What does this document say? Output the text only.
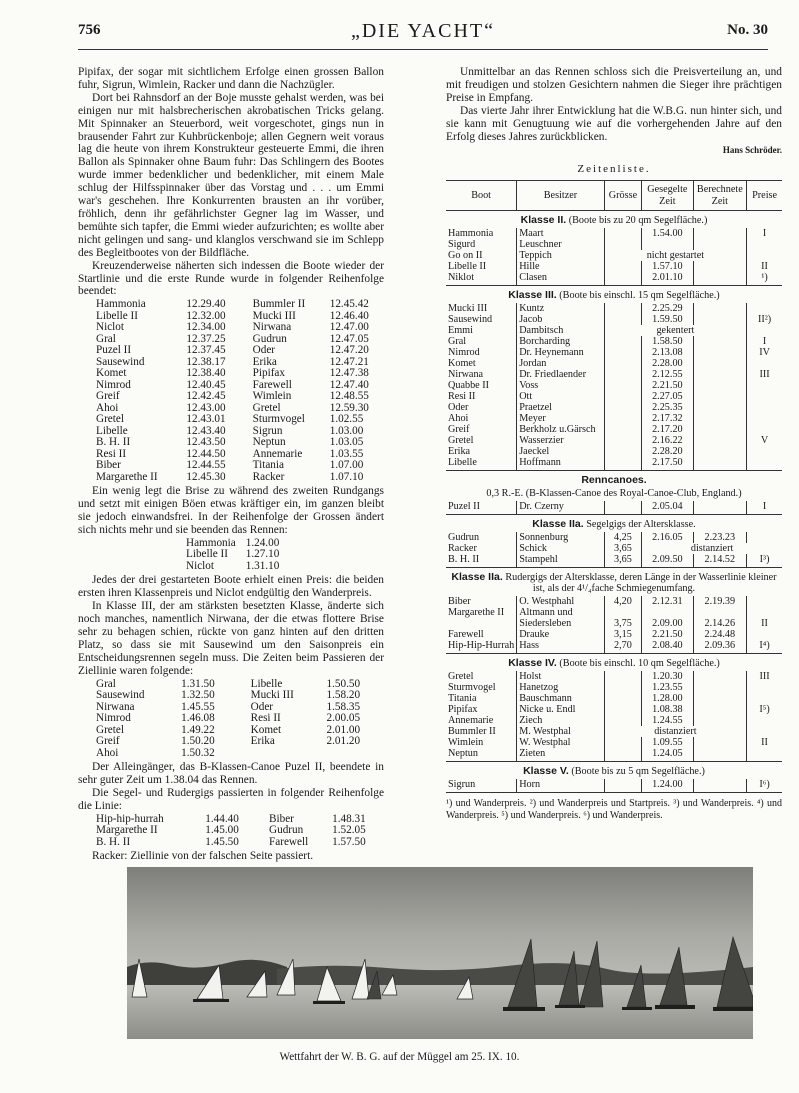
756	„DIE YACHT“	No. 30

Pipifax, der sogar mit sichtlichem Erfolge einen grossen Ballon fuhr, Sigrun, Wimlein, Racker und dann die Nachzügler.

Dort bei Rahnsdorf an der Boje musste gehalst werden, was bei einigen nur mit halsbrecherischen akrobatischen Tricks gelang. Mit Spinnaker an Steuerbord, weit vorgeschotet, gings nun in brausender Fahrt zur Kuhbrückenboje; allen Gegnern weit voraus lag die heute von ihrem Konstrukteur gesteuerte Emmi, die ihren Ballon als Spinnaker ohne Baum fuhr: Das Schlingern des Bootes wurde immer bedenklicher und bedenklicher, mit einem Male schlug der Hilfsspinnaker über das Vorstag und . . . um Emmi war's geschehen. Ihre Konkurrenten brausten an ihr vorüber, fröhlich, denn ihr gefährlichster Gegner lag im Wasser, und bemühte sich tapfer, die Emmi wieder aufzurichten; es wollte aber nicht gelingen und sang- und klanglos verschwand sie im Schlepp des Begleitbootes von der Bildfläche.

Kreuzenderweise näherten sich indessen die Boote wieder der Startlinie und die erste Runde wurde in folgender Reihenfolge beendet:

Hammonia	12.29.40	Bummler II	12.45.42
Libelle II	12.32.00	Mucki III	12.46.40
Niclot	12.34.00	Nirwana	12.47.00
Gral	12.37.25	Gudrun	12.47.05
Puzel II	12.37.45	Oder	12.47.20
Sausewind	12.38.17	Erika	12.47.21
Komet	12.38.40	Pipifax	12.47.38
Nimrod	12.40.45	Farewell	12.47.40
Greif	12.42.45	Wimlein	12.48.55
Ahoi	12.43.00	Gretel	12.59.30
Gretel	12.43.01	Sturmvogel	1.02.55
Libelle	12.43.40	Sigrun	1.03.00
B. H. II	12.43.50	Neptun	1.03.05
Resi II	12.44.50	Annemarie	1.03.55
Biber	12.44.55	Titania	1.07.00
Margarethe II	12.45.30	Racker	1.07.10

Ein wenig legt die Brise zu während des zweiten Rundgangs und setzt mit einigen Böen etwas kräftiger ein, im ganzen bleibt sie jedoch einwandsfrei. In der Reihenfolge der Grossen ändert sich nichts mehr und sie beenden das Rennen:

Hammonia	1.24.00
Libelle II	1.27.10
Niclot	1.31.10

Jedes der drei gestarteten Boote erhielt einen Preis: die beiden ersten ihren Klassenpreis und Niclot endgültig den Wanderpreis.

In Klasse III, der am stärksten besetzten Klasse, änderte sich noch manches, namentlich Nirwana, der die etwas flottere Brise sehr zu behagen schien, rückte von ganz hinten auf den dritten Platz, so dass sie mit Sausewind um den Saisonpreis ein Entscheidungsrennen segeln muss. Die Zeiten beim Passieren der Ziellinie waren folgende:

Gral	1.31.50	Libelle	1.50.50
Sausewind	1.32.50	Mucki III	1.58.20
Nirwana	1.45.55	Oder	1.58.35
Nimrod	1.46.08	Resi II	2.00.05
Gretel	1.49.22	Komet	2.01.00
Greif	1.50.20	Erika	2.01.20
Ahoi	1.50.32		

Der Alleingänger, das B-Klassen-Canoe Puzel II, beendete in sehr guter Zeit um 1.38.04 das Rennen.

Die Segel- und Rudergigs passierten in folgender Reihenfolge die Linie:

Hip-hip-hurrah	1.44.40	Biber	1.48.31
Margarethe II	1.45.00	Gudrun	1.52.05
B. H. II	1.45.50	Farewell	1.57.50

Racker: Ziellinie von der falschen Seite passiert.

Unmittelbar an das Rennen schloss sich die Preisverteilung an, und mit freudigen und stolzen Gesichtern nahmen die Sieger ihre prächtigen Preise in Empfang.

Das vierte Jahr ihrer Entwicklung hat die W.B.G. nun hinter sich, und sie kann mit Genugtuung wie auf die vorhergehenden Jahre auf den Erfolg dieses Jahres zurückblicken.

Hans Schröder.
Zeitenliste.
Boot	Besitzer	Grösse	Gesegelte Zeit	Berechnete Zeit	Preise
Klasse II. (Boote bis zu 20 qm Segelfläche.)					
Hammonia	Maart		1.54.00		I
Sigurd	Leuschner				
Go on II	Teppich	nicht gestartet			
Libelle II	Hille		1.57.10		II
Niklot	Clasen		2.01.10		¹)
Klasse III. (Boote bis einschl. 15 qm Segelfläche.)					
Mucki III	Kuntz		2.25.29		
Sausewind	Jacob		1.59.50		II²)
Emmi	Dambitsch	gekentert			
Gral	Borcharding		1.58.50		I
Nimrod	Dr. Heynemann		2.13.08		IV
Komet	Jordan		2.28.00		
Nirwana	Dr. Friedlaender		2.12.55		III
Quabbe II	Voss		2.21.50		
Resi II	Ott		2.27.05		
Oder	Praetzel		2.25.35		
Ahoi	Meyer		2.17.32		
Greif	Berkholz u.Gärsch		2.17.20		
Gretel	Wasserzier		2.16.22		V
Erika	Jaeckel		2.28.20		
Libelle	Hoffmann		2.17.50		
Renncanoes.					
0,3 R.-E. (B-Klassen-Canoe des Royal-Canoe-Club, England.)					
Puzel II	Dr. Czerny		2.05.04		I
Klasse IIa. Segelgigs der Altersklasse.					
Gudrun	Sonnenburg	4,25	2.16.05	2.23.23	
Racker	Schick	3,65	distanziert		
B. H. II	Stampehl	3,65	2.09.50	2.14.52	I³)
Klasse IIa. Rudergigs der Altersklasse, deren Länge in der Wasserlinie kleiner ist, als der 4¹/₄fache Schmiegenumfang.					
Biber	O. Westphahl	4,20	2.12.31	2.19.39	
Margarethe II	Altmann und				
	Siedersleben	3,75	2.09.00	2.14.26	II
Farewell	Drauke	3,15	2.21.50	2.24.48	
Hip-Hip-Hurrah	Hass	2,70	2.08.40	2.09.36	I⁴)
Klasse IV. (Boote bis einschl. 10 qm Segelfläche.)					
Gretel	Holst		1.20.30		III
Sturmvogel	Hanetzog		1.23.55		
Titania	Bauschmann		1.28.00		
Pipifax	Nicke u. Endl		1.08.38		I⁵)
Annemarie	Ziech		1.24.55		
Bummler II	M. Westphal	distanziert			
Wimlein	W. Westphal		1.09.55		II
Neptun	Zieten		1.24.05		
Klasse V. (Boote bis zu 5 qm Segelfläche.)					
Sigrun	Horn		1.24.00		I⁶)
¹) und Wanderpreis. ²) und Wanderpreis und Startpreis. ³) und Wanderpreis. ⁴) und Wanderpreis. ⁵) und Wanderpreis. ⁶) und Wanderpreis.
Wettfahrt der W. B. G. auf der Müggel am 25. IX. 10.
